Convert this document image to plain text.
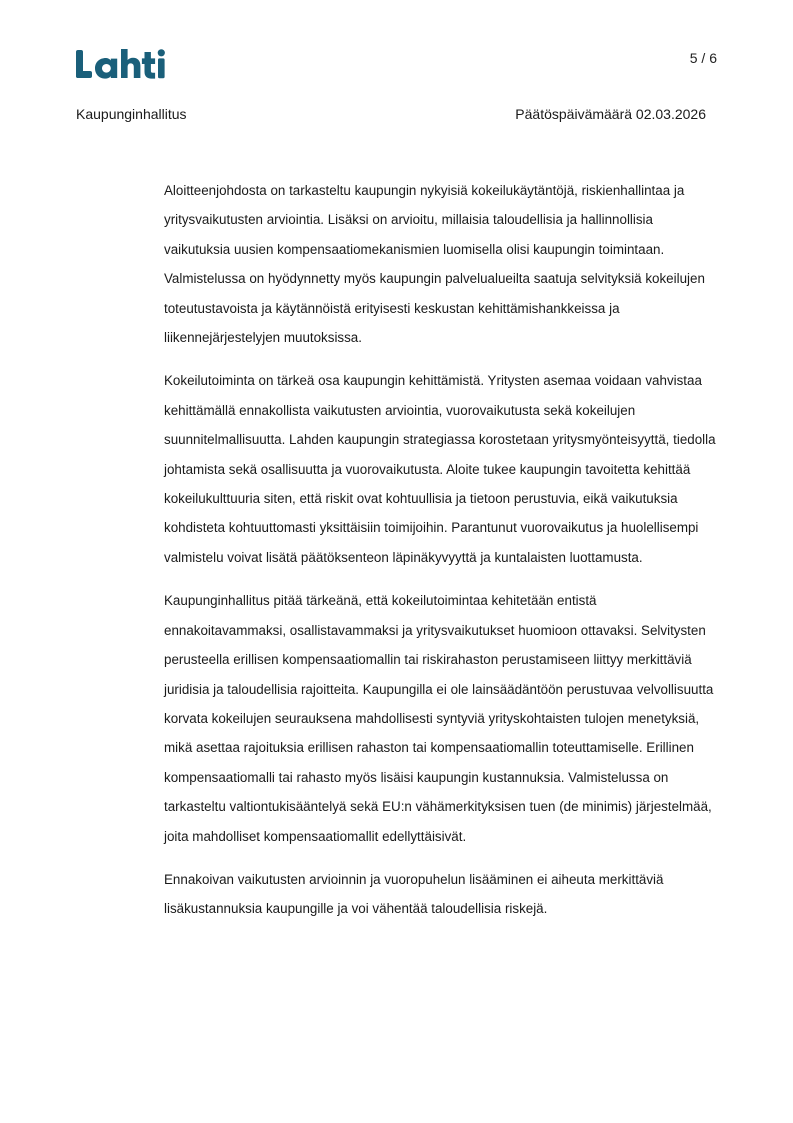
5 / 6
Kaupunginhallitus	Päätöspäivämäärä 02.03.2026

Aloitteenjohdosta on tarkasteltu kaupungin nykyisiä kokeilukäytäntöjä, riskienhallintaa ja yritysvaikutusten arviointia. Lisäksi on arvioitu, millaisia taloudellisia ja hallinnollisia vaikutuksia uusien kompensaatiomekanismien luomisella olisi kaupungin toimintaan. Valmistelussa on hyödynnetty myös kaupungin palvelualueilta saatuja selvityksiä kokeilujen toteutustavoista ja käytännöistä erityisesti keskustan kehittämishankkeissa ja liikennejärjestelyjen muutoksissa.

Kokeilutoiminta on tärkeä osa kaupungin kehittämistä. Yritysten asemaa voidaan vahvistaa kehittämällä ennakollista vaikutusten arviointia, vuorovaikutusta sekä kokeilujen suunnitelmallisuutta. Lahden kaupungin strategiassa korostetaan yritysmyönteisyyttä, tiedolla johtamista sekä osallisuutta ja vuorovaikutusta. Aloite tukee kaupungin tavoitetta kehittää kokeilukulttuuria siten, että riskit ovat kohtuullisia ja tietoon perustuvia, eikä vaikutuksia kohdisteta kohtuuttomasti yksittäisiin toimijoihin. Parantunut vuorovaikutus ja huolellisempi valmistelu voivat lisätä päätöksenteon läpinäkyvyyttä ja kuntalaisten luottamusta.

Kaupunginhallitus pitää tärkeänä, että kokeilutoimintaa kehitetään entistä ennakoitavammaksi, osallistavammaksi ja yritysvaikutukset huomioon ottavaksi. Selvitysten perusteella erillisen kompensaatiomallin tai riskirahaston perustamiseen liittyy merkittäviä juridisia ja taloudellisia rajoitteita. Kaupungilla ei ole lainsäädäntöön perustuvaa velvollisuutta korvata kokeilujen seurauksena mahdollisesti syntyviä yrityskohtaisten tulojen menetyksiä, mikä asettaa rajoituksia erillisen rahaston tai kompensaatiomallin toteuttamiselle. Erillinen kompensaatiomalli tai rahasto myös lisäisi kaupungin kustannuksia. Valmistelussa on tarkasteltu valtiontukisääntelyä sekä EU:n vähämerkityksisen tuen (de minimis) järjestelmää, joita mahdolliset kompensaatiomallit edellyttäisivät.

Ennakoivan vaikutusten arvioinnin ja vuoropuhelun lisääminen ei aiheuta merkittäviä lisäkustannuksia kaupungille ja voi vähentää taloudellisia riskejä.
